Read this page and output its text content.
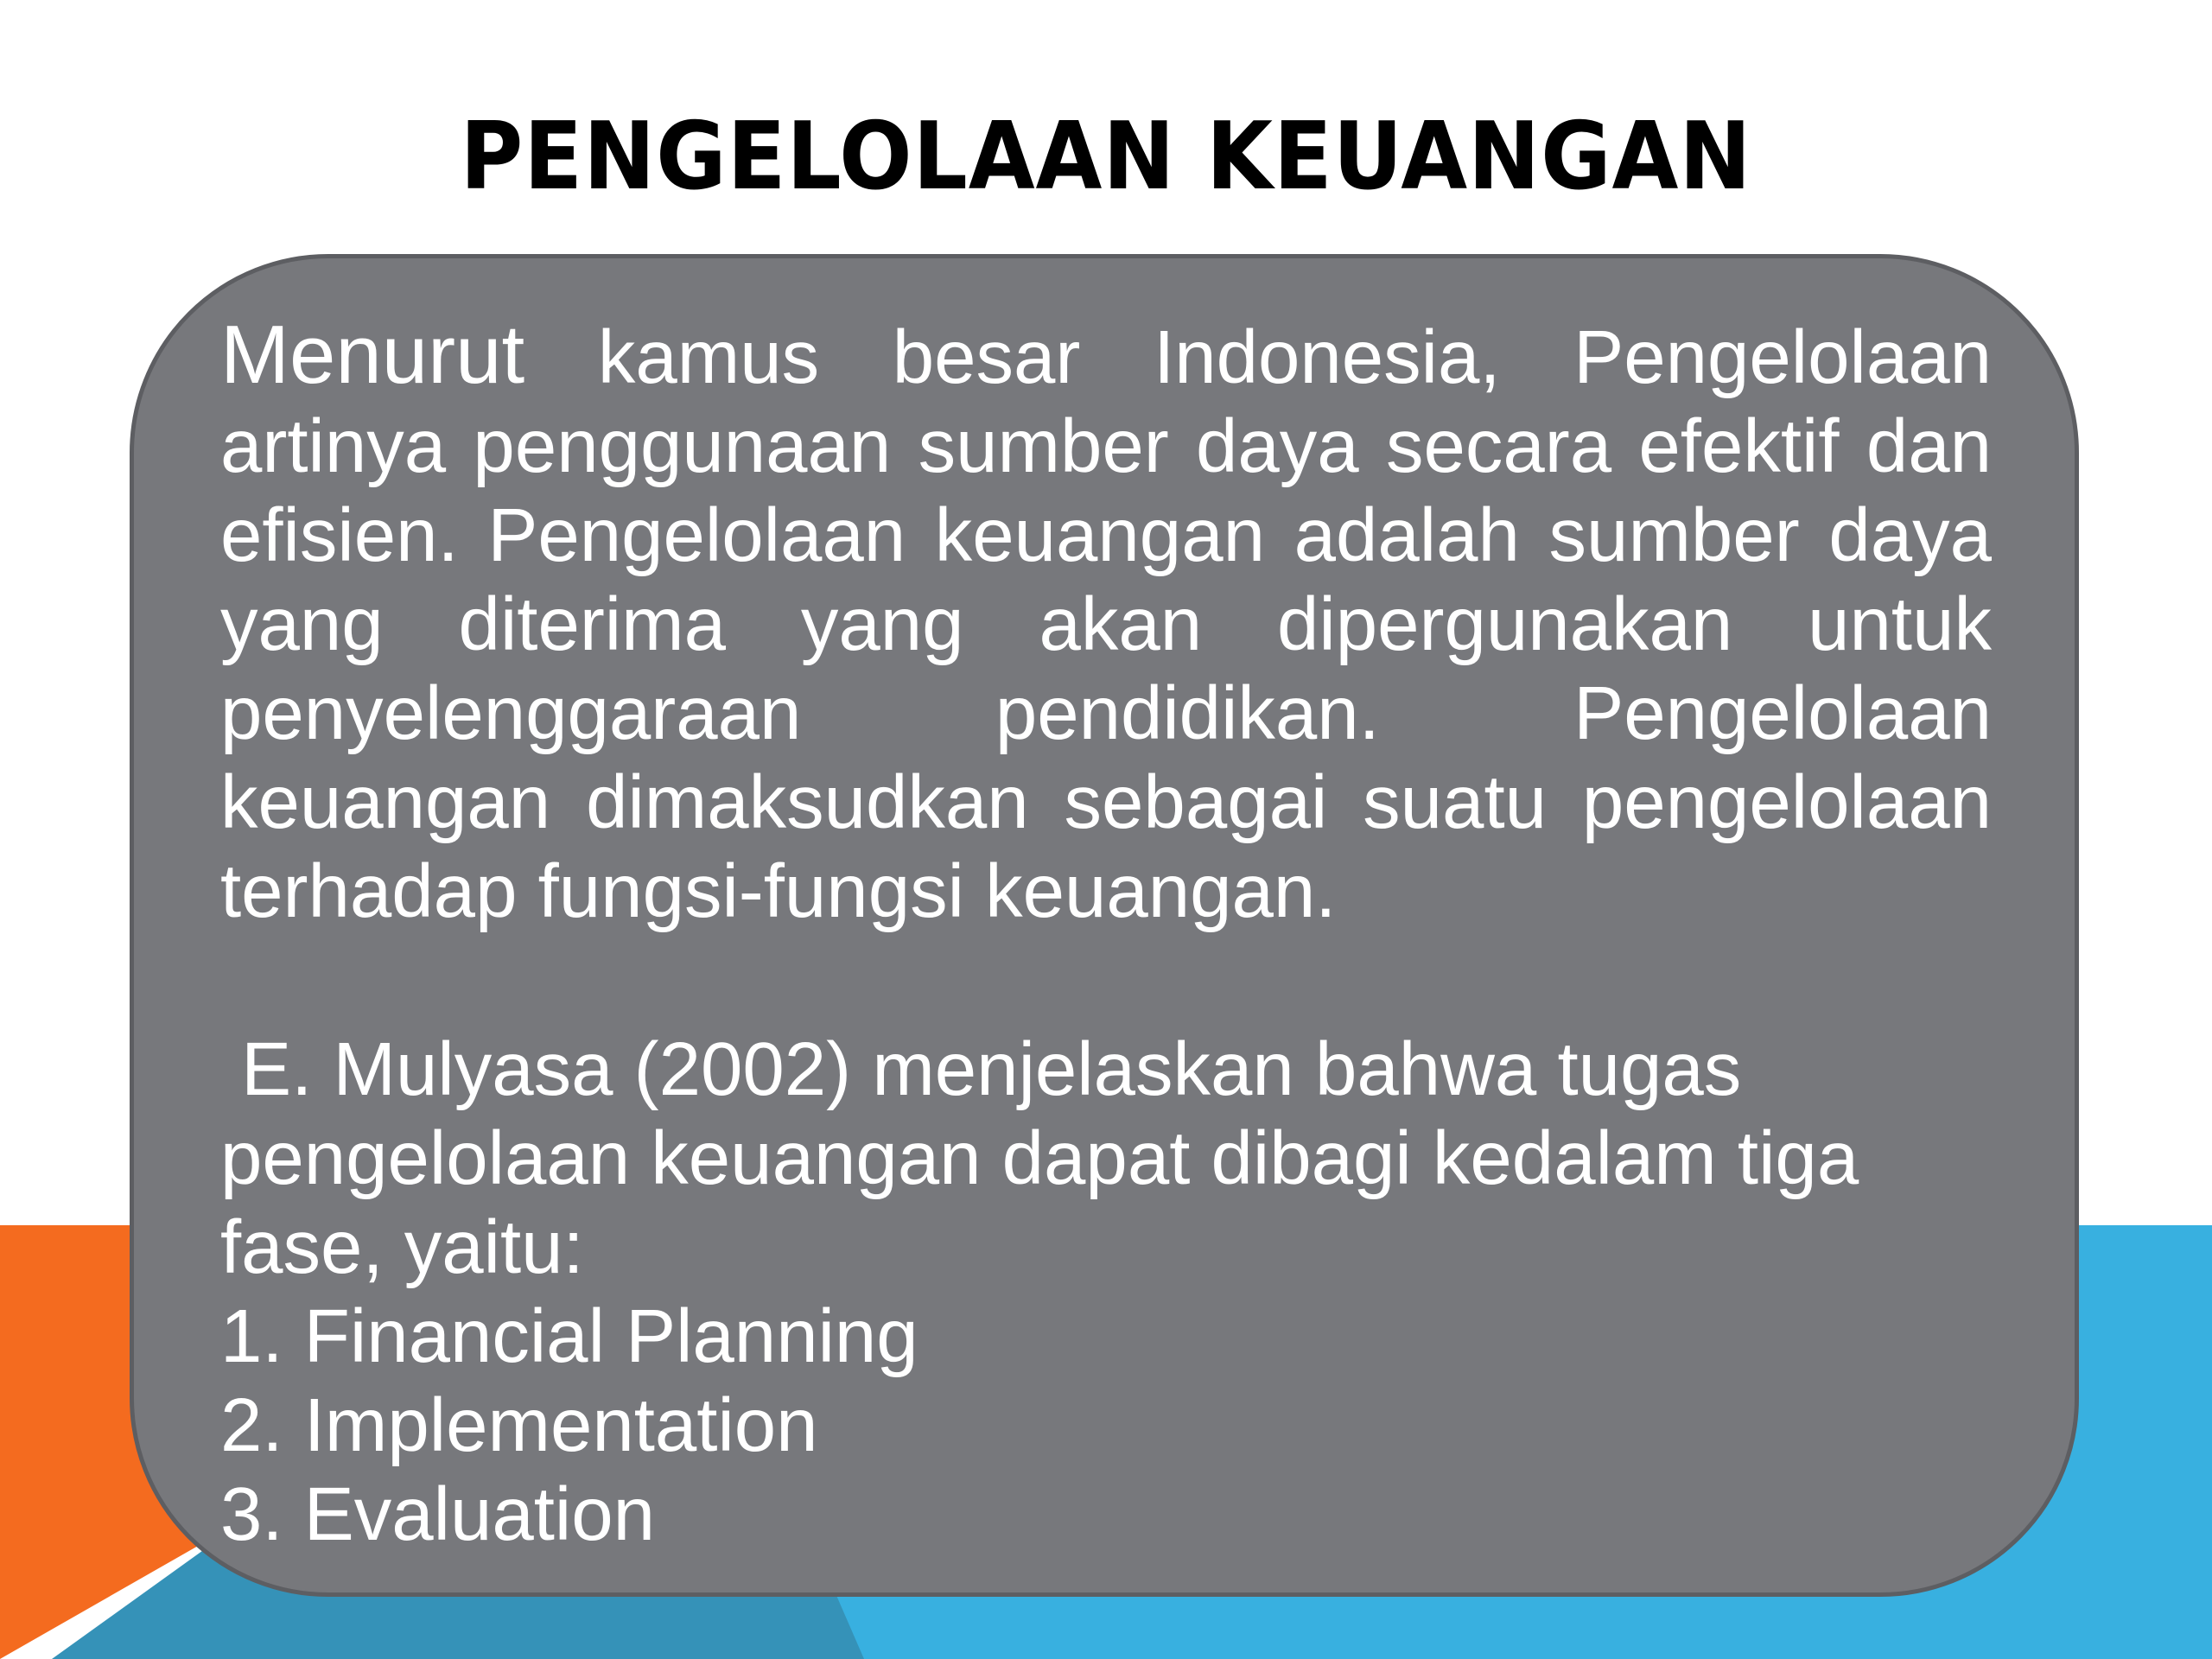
PENGELOLAAN KEUANGAN

Menurut kamus besar Indonesia, Pengelolaan artinya penggunaan sumber daya secara efektif dan efisien. Pengelolaan keuangan adalah sumber daya yang diterima yang akan dipergunakan untuk penyelenggaraan pendidikan. Pengelolaan keuangan dimaksudkan sebagai suatu pengelolaan terhadap fungsi-fungsi keuangan.

E. Mulyasa (2002) menjelaskan bahwa tugas pengelolaan keuangan dapat dibagi kedalam tiga fase, yaitu:

1. Financial Planning
2. Implementation
3. Evaluation
